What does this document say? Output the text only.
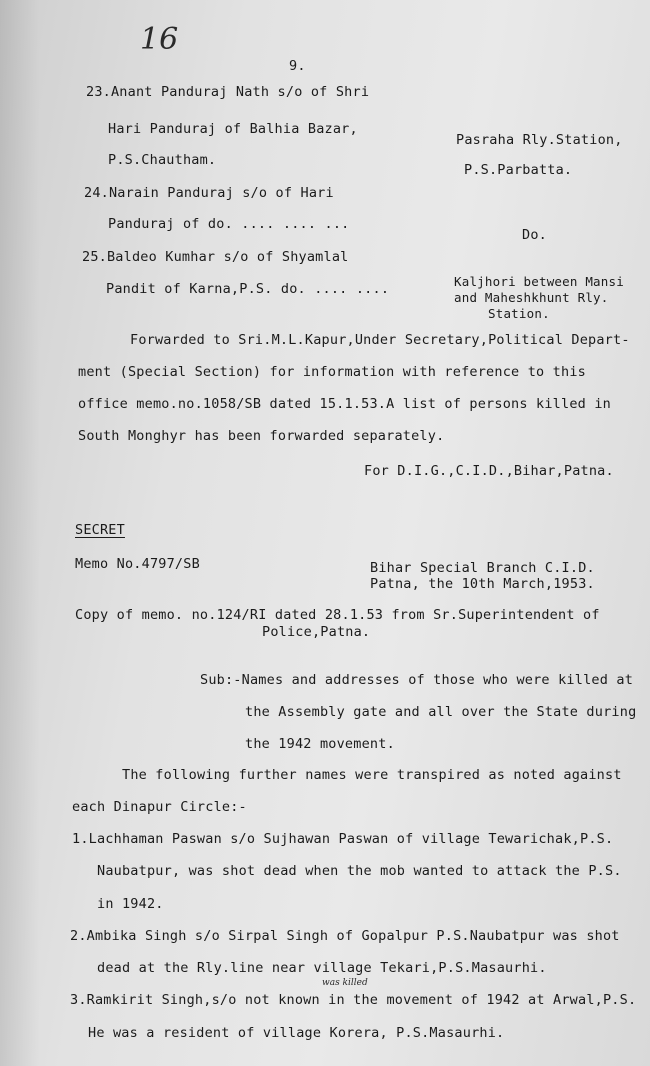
16
9.
23.Anant Panduraj Nath s/o of Shri
Hari Panduraj of Balhia Bazar,
P.S.Chautham.
Pasraha Rly.Station,
P.S.Parbatta.
24.Narain Panduraj s/o of Hari
Panduraj of do. .... .... ...
Do.
25.Baldeo Kumhar s/o of Shyamlal
Pandit of Karna,P.S. do. .... ....	Kaljhori between Mansi
and Maheshkhunt Rly.
Station.
Forwarded to Sri.M.L.Kapur,Under Secretary,Political Depart-
ment (Special Section) for information with reference to this
office memo.no.1058/SB dated 15.1.53.A list of persons killed in
South Monghyr has been forwarded separately.
For D.I.G.,C.I.D.,Bihar,Patna.
SECRET
Memo No.4797/SB	Bihar Special Branch C.I.D.
Patna, the 10th March,1953.
Copy of memo. no.124/RI dated 28.1.53 from Sr.Superintendent of
Police,Patna.
Sub:-Names and addresses of those who were killed at
the Assembly gate and all over the State during
the 1942 movement.
The following further names were transpired as noted against
each Dinapur Circle:-
1.Lachhaman Paswan s/o Sujhawan Paswan of village Tewarichak,P.S.
Naubatpur, was shot dead when the mob wanted to attack the P.S.
in 1942.
2.Ambika Singh s/o Sirpal Singh of Gopalpur P.S.Naubatpur was shot
dead at the Rly.line near village Tekari,P.S.Masaurhi.
was killed
3.Ramkirit Singh,s/o not known in the movement of 1942 at Arwal,P.S.
He was a resident of village Korera, P.S.Masaurhi.
